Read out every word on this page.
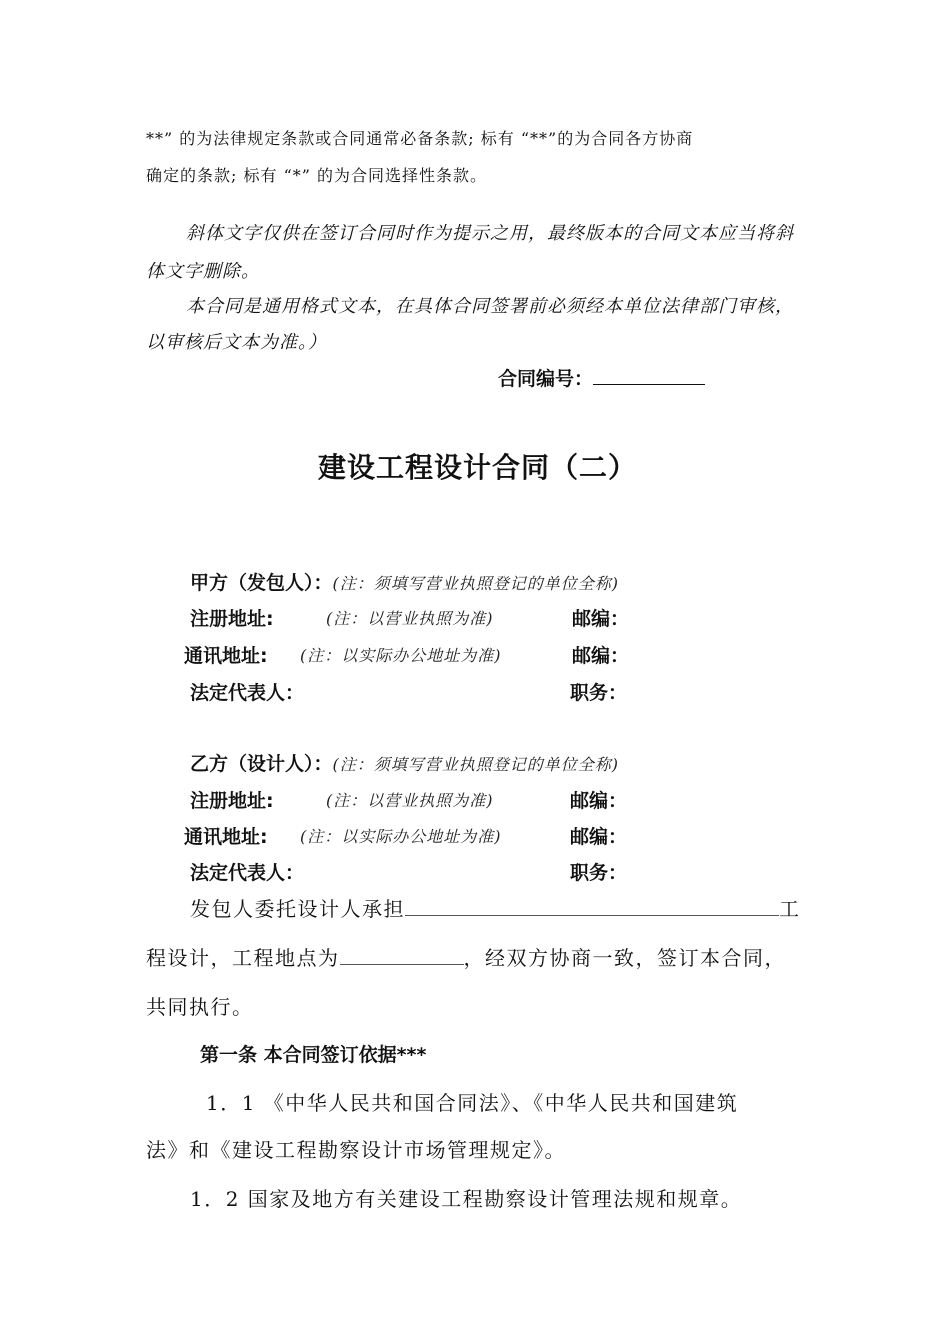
**” 的为法律规定条款或合同通常必备条款; 标有 “**”的为合同各方协商
确定的条款; 标有 “*” 的为合同选择性条款。
斜体文字仅供在签订合同时作为提示之用，最终版本的合同文本应当将斜
体文字删除。
本合同是通用格式文本，在具体合同签署前必须经本单位法律部门审核，
以审核后文本为准。）
合同编号：
建设工程设计合同（二）
甲方（发包人）：(注：须填写营业执照登记的单位全称)
注册地址:	(注：以营业执照为准)	邮编：
通讯地址: (注：以实际办公地址为准)	邮编：
法定代表人：	职务：
乙方（设计人）：(注：须填写营业执照登记的单位全称)
注册地址:	(注：以营业执照为准)	邮编：
通讯地址: (注：以实际办公地址为准)	邮编：
法定代表人：	职务：
发包人委托设计人承担	工
程设计，工程地点为	，经双方协商一致，签订本合同，
共同执行。
第一条 本合同签订依据***
1．1 《中华人民共和国合同法》、《中华人民共和国建筑
法》和《建设工程勘察设计市场管理规定》。
1．2 国家及地方有关建设工程勘察设计管理法规和规章。
